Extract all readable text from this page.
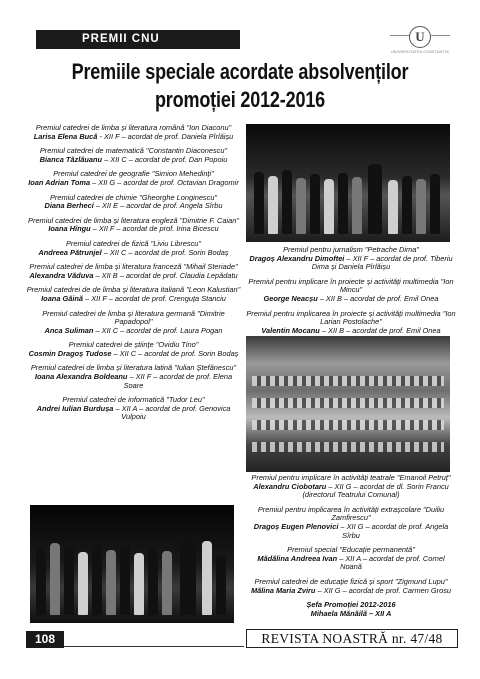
PREMII CNU	U
UNIVERSITATEA CONSTANTIN
Premiile speciale acordate absolvenților
promoției 2012-2016
Premiul catedrei de limba și literatura română "Ion Diaconu"
Larisa Elena Bucă - XII F – acordat de prof. Daniela Pîrlăișu
Premiul catedrei de matematică "Constantin Diaconescu"
Bianca Tăzlăuanu – XII C – acordat de prof. Dan Popoiu
Premiul catedrei de geografie "Simion Mehedinți"
Ioan Adrian Toma – XII G – acordat de prof. Octavian Dragomir
Premiul catedrei de chimie "Gheorghe Longinescu"
Diana Berheci – XII E – acordat de prof. Angela Sîrbu
Premiul catedrei de limba și literatura engleză "Dimitrie F. Caian"
Ioana Hîngu – XII F – acordat de prof. Irina Bicescu
Premiul catedrei de fizică "Liviu Librescu"
Andreea Pătrunjel – XII C – acordat de prof. Sorin Bodaș
Premiul catedrei de limba și literatura franceză "Mihail Steriade"
Alexandra Văduva – XII B – acordat de prof. Claudia Lepădatu
Premiul catedrei de de limba și literatura italiană "Leon Kalustian"
Ioana Găină – XII F – acordat de prof. Crenguța Stanciu
Premiul catedrei de limba și literatura germană "Dimitrie Papadopol"
Anca Suliman – XII C – acordat de prof. Laura Pogan
Premiul catedrei de științe "Ovidiu Tino"
Cosmin Dragoș Tudose – XII C – acordat de prof. Sorin Bodaș
Premiul catedrei de limba și literatura latină "Iulian Ștefănescu"
Ioana Alexandra Boldeanu – XII F – acordat de prof. Elena Soare
Premiul catedrei de informatică "Tudor Leu"
Andrei Iulian Burdușa – XII A – acordat de prof. Genovica Vulpoiu
Premiul pentru jurnalism "Petrache Dima"
Dragoș Alexandru Dimoftei – XII F – acordat de prof. Tiberiu Dima și Daniela Pîrlăișu
Premiul pentru implicare în proiecte și activități multimedia "Ion Mincu"
George Neacșu – XII B – acordat de prof. Emil Onea
Premiul pentru implicarea în proiecte și activități multimedia "Ion Larian Postolache"
Valentin Mocanu – XII B – acordat de prof. Emil Onea
Premiul pentru implicare în activități teatrale "Emanoil Petruț"
Alexandru Ciobotaru – XII G – acordat de dl. Sorin Francu (directorul Teatrului Comunal)
Premiul pentru implicarea în activități extrașcolare "Duiliu Zamfirescu"
Dragoș Eugen Plenovici – XII G – acordat de prof. Angela Sîrbu
Premiul special "Educație permanentă"
Mădălina Andreea Ivan – XII A – acordat de prof. Cornel Noană
Premiul catedrei de educație fizică și sport "Zigmund Lupu"
Mălina Maria Zviru – XII G – acordat de prof. Carmen Grosu
Șefa Promoției 2012-2016
Mihaela Mănăilă – XII A
108	REVISTA NOASTRĂ nr. 47/48
